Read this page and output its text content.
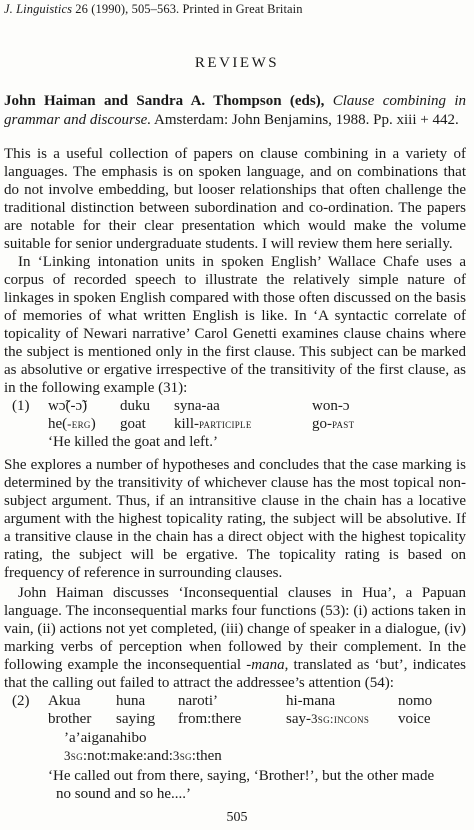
J. Linguistics 26 (1990), 505–563. Printed in Great Britain
REVIEWS
John Haiman and Sandra A. Thompson (eds), Clause combining in grammar and discourse. Amsterdam: John Benjamins, 1988. Pp. xiii + 442.

This is a useful collection of papers on clause combining in a variety of languages. The emphasis is on spoken language, and on combinations that do not involve embedding, but looser relationships that often challenge the traditional distinction between subordination and co-ordination. The papers are notable for their clear presentation which would make the volume suitable for senior undergraduate students. I will review them here serially.

In ‘Linking intonation units in spoken English’ Wallace Chafe uses a corpus of recorded speech to illustrate the relatively simple nature of linkages in spoken English compared with those often discussed on the basis of memories of what written English is like. In ‘A syntactic correlate of topicality of Newari narrative’ Carol Genetti examines clause chains where the subject is mentioned only in the first clause. This subject can be marked as absolutive or ergative irrespective of the transitivity of the first clause, as in the following example (31):

(1) wɔ̃(-ɔ̃) duku syna-aa	won-ɔ
he(-erg) goat kill-participle	go-past
‘He killed the goat and left.’

She explores a number of hypotheses and concludes that the case marking is determined by the transitivity of whichever clause has the most topical non-subject argument. Thus, if an intransitive clause in the chain has a locative argument with the highest topicality rating, the subject will be absolutive. If a transitive clause in the chain has a direct object with the highest topicality rating, the subject will be ergative. The topicality rating is based on frequency of reference in surrounding clauses.

John Haiman discusses ‘Inconsequential clauses in Hua’, a Papuan language. The inconsequential marks four functions (53): (i) actions taken in vain, (ii) actions not yet completed, (iii) change of speaker in a dialogue, (iv) marking verbs of perception when followed by their complement. In the following example the inconsequential -mana, translated as ‘but’, indicates that the calling out failed to attract the addressee’s attention (54):

(2) Akua huna naroti’	hi-mana	nomo
brother saying from:there	say-3sg:incons voice
’a’aiganahibo
3sg:not:make:and:3sg:then
‘He called out from there, saying, ‘Brother!’, but the other made
no sound and so he....’
505
